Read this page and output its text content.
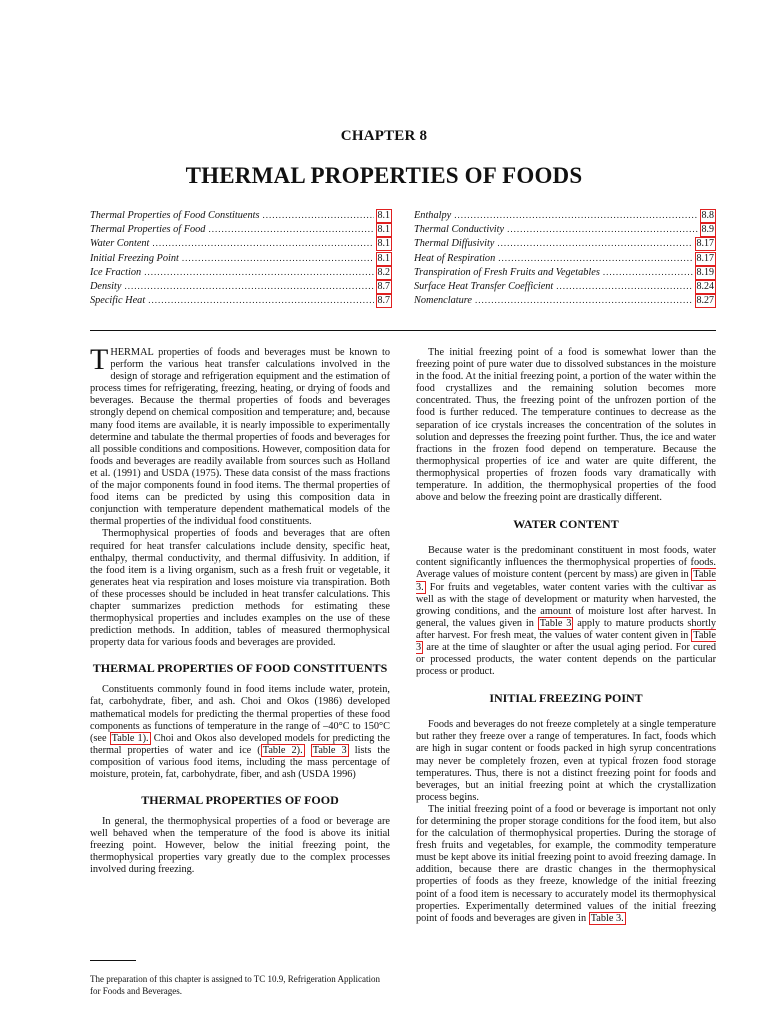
CHAPTER 8
THERMAL PROPERTIES OF FOODS
Thermal Properties of Food Constituents .....	8.1
Thermal Properties of Food .....	8.1
Water Content .....	8.1
Initial Freezing Point .....	8.1
Ice Fraction .....	8.2
Density .....	8.7
Specific Heat .....	8.7
Enthalpy .....	8.8
Thermal Conductivity .....	8.9
Thermal Diffusivity .....	8.17
Heat of Respiration .....	8.17
Transpiration of Fresh Fruits and Vegetables .....	8.19
Surface Heat Transfer Coefficient .....	8.24
Nomenclature .....	8.27

THERMAL properties of foods and beverages must be known to perform the various heat transfer calculations involved in the design of storage and refrigeration equipment and the estimation of process times for refrigerating, freezing, heating, or drying of foods and beverages. Because the thermal properties of foods and beverages strongly depend on chemical composition and temperature; and, because many food items are available, it is nearly impossible to experimentally determine and tabulate the thermal properties of foods and beverages for all possible conditions and compositions. However, composition data for foods and beverages are readily available from sources such as Holland et al. (1991) and USDA (1975). These data consist of the mass fractions of the major components found in food items. The thermal properties of food items can be predicted by using this composition data in conjunction with temperature dependent mathematical models of the thermal properties of the individual food constituents.

Thermophysical properties of foods and beverages that are often required for heat transfer calculations include density, specific heat, enthalpy, thermal conductivity, and thermal diffusivity. In addition, if the food item is a living organism, such as a fresh fruit or vegetable, it generates heat via respiration and loses moisture via transpiration. Both of these processes should be included in heat transfer calculations. This chapter summarizes prediction methods for estimating these thermophysical properties and includes examples on the use of these prediction methods. In addition, tables of measured thermophysical property data for various foods and beverages are provided.

THERMAL PROPERTIES OF FOOD CONSTITUENTS

Constituents commonly found in food items include water, protein, fat, carbohydrate, fiber, and ash. Choi and Okos (1986) developed mathematical models for predicting the thermal properties of these food components as functions of temperature in the range of –40°C to 150°C (see Table 1). Choi and Okos also developed models for predicting the thermal properties of water and ice ( Table 2). Table 3 lists the composition of various food items, including the mass percentage of moisture, protein, fat, carbohydrate, fiber, and ash (USDA 1996)

THERMAL PROPERTIES OF FOOD

In general, the thermophysical properties of a food or beverage are well behaved when the temperature of the food is above its initial freezing point. However, below the initial freezing point, the thermophysical properties vary greatly due to the complex processes involved during freezing.

The preparation of this chapter is assigned to TC 10.9, Refrigeration Application for Foods and Beverages.

The initial freezing point of a food is somewhat lower than the freezing point of pure water due to dissolved substances in the moisture in the food. At the initial freezing point, a portion of the water within the food crystallizes and the remaining solution becomes more concentrated. Thus, the freezing point of the unfrozen portion of the food is further reduced. The temperature continues to decrease as the separation of ice crystals increases the concentration of the solutes in solution and depresses the freezing point further. Thus, the ice and water fractions in the frozen food depend on temperature. Because the thermophysical properties of ice and water are quite different, the thermophysical properties of frozen foods vary dramatically with temperature. In addition, the thermophysical properties of the food above and below the freezing point are drastically different.

WATER CONTENT

Because water is the predominant constituent in most foods, water content significantly influences the thermophysical properties of foods. Average values of moisture content (percent by mass) are given in Table 3. For fruits and vegetables, water content varies with the cultivar as well as with the stage of development or maturity when harvested, the growing conditions, and the amount of moisture lost after harvest. In general, the values given in Table 3 apply to mature products shortly after harvest. For fresh meat, the values of water content given in Table 3 are at the time of slaughter or after the usual aging period. For cured or processed products, the water content depends on the particular process or product.

INITIAL FREEZING POINT

Foods and beverages do not freeze completely at a single temperature but rather they freeze over a range of temperatures. In fact, foods which are high in sugar content or foods packed in high syrup concentrations may never be completely frozen, even at typical frozen food storage temperatures. Thus, there is not a distinct freezing point for foods and beverages, but an initial freezing point at which the crystallization process begins.

The initial freezing point of a food or beverage is important not only for determining the proper storage conditions for the food item, but also for the calculation of thermophysical properties. During the storage of fresh fruits and vegetables, for example, the commodity temperature must be kept above its initial freezing point to avoid freezing damage. In addition, because there are drastic changes in the thermophysical properties of foods as they freeze, knowledge of the initial freezing point of a food item is necessary to accurately model its thermophysical properties. Experimentally determined values of the initial freezing point of foods and beverages are given in Table 3.
